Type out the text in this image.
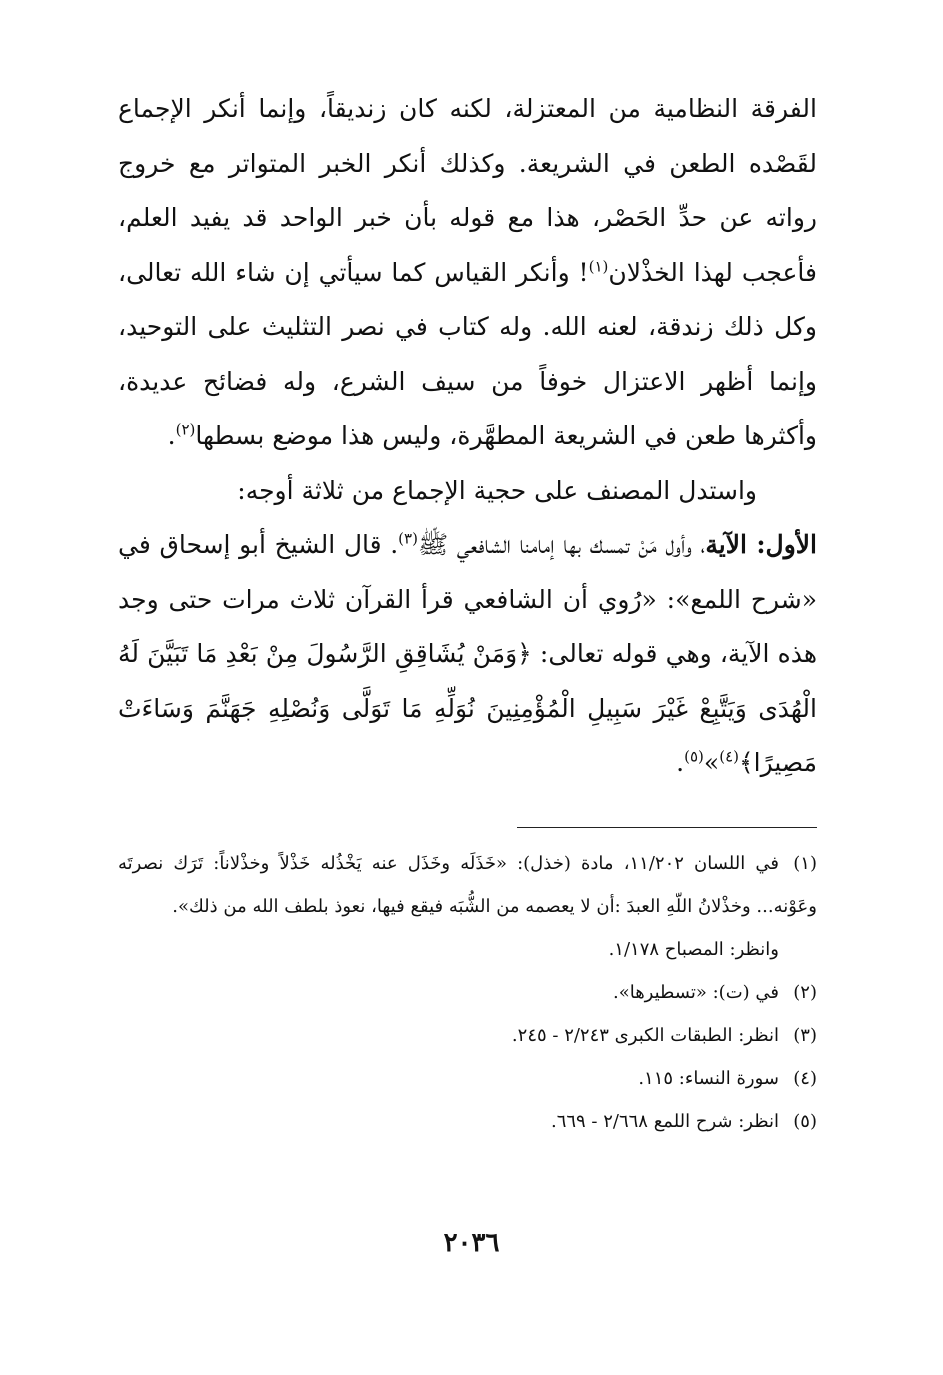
الفرقة النظامية من المعتزلة، لكنه كان زنديقاً، وإنما أنكر الإجماع لقَصْده الطعن في الشريعة. وكذلك أنكر الخبر المتواتر مع خروج رواته عن حدِّ الحَصْر، هذا مع قوله بأن خبر الواحد قد يفيد العلم، فأعجب لهذا الخذْلان$^{(١)}$! وأنكر القياس كما سيأتي إن شاء الله تعالى، وكل ذلك زندقة، لعنه الله. وله كتاب في نصر التثليث على التوحيد، وإنما أظهر الاعتزال خوفاً من سيف الشرع، وله فضائح عديدة، وأكثرها طعن في الشريعة المطهَّرة، وليس هذا موضع بسطها$^{(٢)}$.

واستدل المصنف على حجية الإجماع من ثلاثة أوجه:

الأول: الآية، وأول مَنْ تمسك بها إمامنا الشافعي ﷺ$^{(٣)}$. قال الشيخ أبو إسحاق في «شرح اللمع»: «رُوي أن الشافعي قرأ القرآن ثلاث مرات حتى وجد هذه الآية، وهي قوله تعالى: ﴿وَمَنْ يُشَاقِقِ الرَّسُولَ مِنْ بَعْدِ مَا تَبَيَّنَ لَهُ الْهُدَى وَيَتَّبِعْ غَيْرَ سَبِيلِ الْمُؤْمِنِينَ نُوَلِّهِ مَا تَوَلَّى وَنُصْلِهِ جَهَنَّمَ وَسَاءَتْ مَصِيرًا﴾$^{(٤)}$»$^{(٥)}$.

(١)في اللسان ١١/٢٠٢، مادة (خذل): «خَذَلَه وخَذَل عنه يَخْذُله خَذْلاً وخذْلاناً: تَرَك نصرتَه وعَوْنه... وخذْلانُ اللّهِ العبدَ :أن لا يعصمه من الشُّبَه فيقع فيها، نعوذ بلطف الله من ذلك».

وانظر: المصباح ١/١٧٨.

(٢)في (ت): «تسطيرها».

(٣)انظر: الطبقات الكبرى ٢/٢٤٣ - ٢٤٥.

(٤)سورة النساء: ١١٥.

(٥)انظر: شرح اللمع ٢/٦٦٨ - ٦٦٩.

٢٠٣٦
